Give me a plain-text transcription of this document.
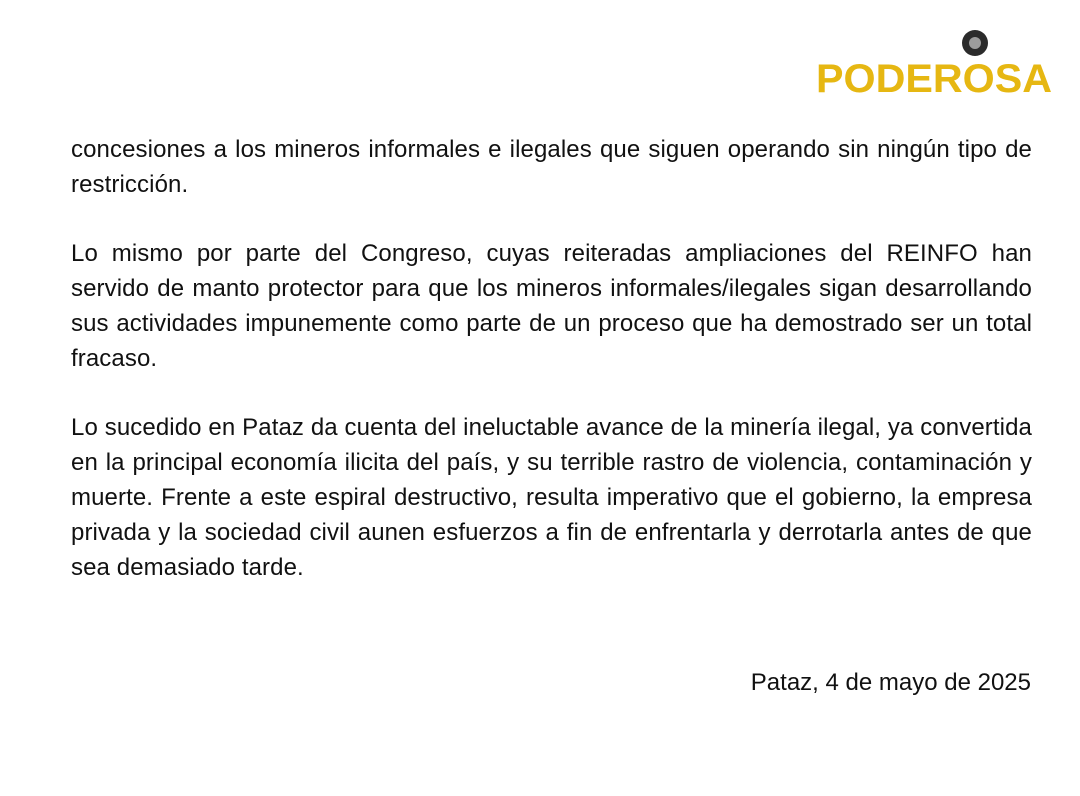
PODEROSA

concesiones a los mineros informales e ilegales que siguen operando sin ningún tipo de restricción.

Lo mismo por parte del Congreso, cuyas reiteradas ampliaciones del REINFO han servido de manto protector para que los mineros informales/ilegales sigan desarrollando sus actividades impunemente como parte de un proceso que ha demostrado ser un total fracaso.

Lo sucedido en Pataz da cuenta del ineluctable avance de la minería ilegal, ya convertida en la principal economía ilicita del país, y su terrible rastro de violencia, contaminación y muerte. Frente a este espiral destructivo, resulta imperativo que el gobierno, la empresa privada y la sociedad civil aunen esfuerzos a fin de enfrentarla y derrotarla antes de que sea demasiado tarde.

Pataz, 4 de mayo de 2025
